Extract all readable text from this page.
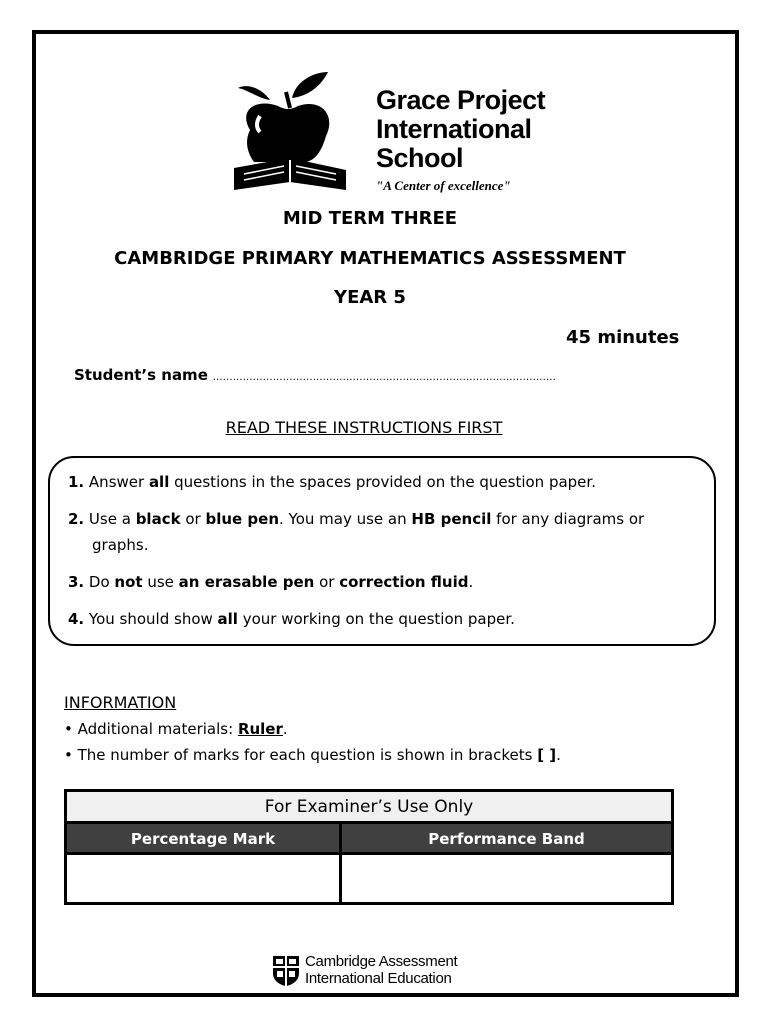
Grace Project
International
School
"A Center of excellence"
MID TERM THREE
CAMBRIDGE PRIMARY MATHEMATICS ASSESSMENT
YEAR 5
45 minutes
Student’s name …………………………….……………………………………………………………
READ THESE INSTRUCTIONS FIRST
1. Answer all questions in the spaces provided on the question paper.
2. Use a black or blue pen. You may use an HB pencil for any diagrams or
graphs.
3. Do not use an erasable pen or correction fluid.
4. You should show all your working on the question paper.
INFORMATION
• Additional materials: Ruler.
• The number of marks for each question is shown in brackets [ ].
For Examiner’s Use Only
Percentage Mark	Performance Band
Cambridge Assessment
International Education
